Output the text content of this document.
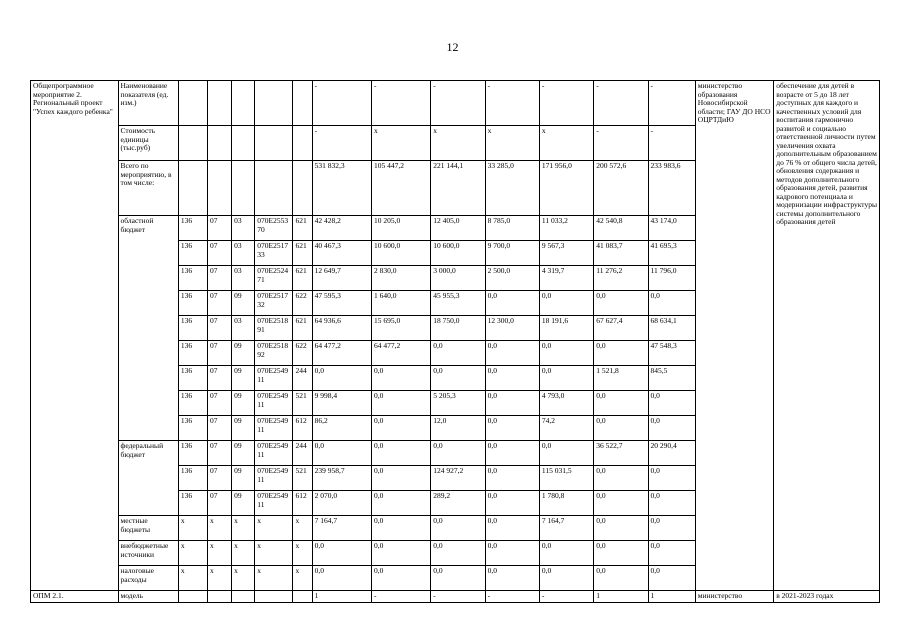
12
Общепрограммное мероприятие 2. Региональный проект "Успех каждого ребенка"	Наименование показателя (ед. изм.)						-	-	-	-	-	-	-	министерство образования Новосибирской области; ГАУ ДО НСО ОЦРТДиЮ	обеспечение для детей в возрасте от 5 до 18 лет доступных для каждого и качественных условий для воспитания гармонично развитой и социально ответственной личности путем увеличения охвата дополнительным образованием до 76 % от общего числа детей, обновления содержания и методов дополнительного образования детей, развития кадрового потенциала и модернизации инфраструктуры системы дополнительного образования детей
	Стоимость единицы (тыс.руб)						-	x	x	x	x	-	-		
	Всего по мероприятию, в том числе:						531 832,3	105 447,2	221 144,1	33 285,0	171 956,0	200 572,6	233 983,6		
	областной бюджет	136	07	03	070E255370	621	42 428,2	10 205,0	12 405,0	8 785,0	11 033,2	42 540,8	43 174,0		
		136	07	03	070E251733	621	40 467,3	10 600,0	10 600,0	9 700,0	9 567,3	41 083,7	41 695,3		
		136	07	03	070E252471	621	12 649,7	2 830,0	3 000,0	2 500,0	4 319,7	11 276,2	11 796,0		
		136	07	09	070E251732	622	47 595,3	1 640,0	45 955,3	0,0	0,0	0,0	0,0		
		136	07	03	070E251891	621	64 936,6	15 695,0	18 750,0	12 300,0	18 191,6	67 627,4	68 634,1		
		136	07	09	070E251892	622	64 477,2	64 477,2	0,0	0,0	0,0	0,0	47 548,3		
		136	07	09	070E254911	244	0,0	0,0	0,0	0,0	0,0	1 521,8	845,5		
		136	07	09	070E254911	521	9 998,4	0,0	5 205,3	0,0	4 793,0	0,0	0,0		
		136	07	09	070E254911	612	86,2	0,0	12,0	0,0	74,2	0,0	0,0		
	федеральный бюджет	136	07	09	070E254911	244	0,0	0,0	0,0	0,0	0,0	36 522,7	20 290,4		
		136	07	09	070E254911	521	239 958,7	0,0	124 927,2	0,0	115 031,5	0,0	0,0		
		136	07	09	070E254911	612	2 070,0	0,0	289,2	0,0	1 780,8	0,0	0,0		
	местные бюджеты	x	x	x	x	x	7 164,7	0,0	0,0	0,0	7 164,7	0,0	0,0		
	внебюджетные источники	x	x	x	x	x	0,0	0,0	0,0	0,0	0,0	0,0	0,0		
	налоговые расходы	x	x	x	x	x	0,0	0,0	0,0	0,0	0,0	0,0	0,0		
ОПМ 2.1.	модель						1	-	-	-	-	1	1	министерство	в 2021-2023 годах
